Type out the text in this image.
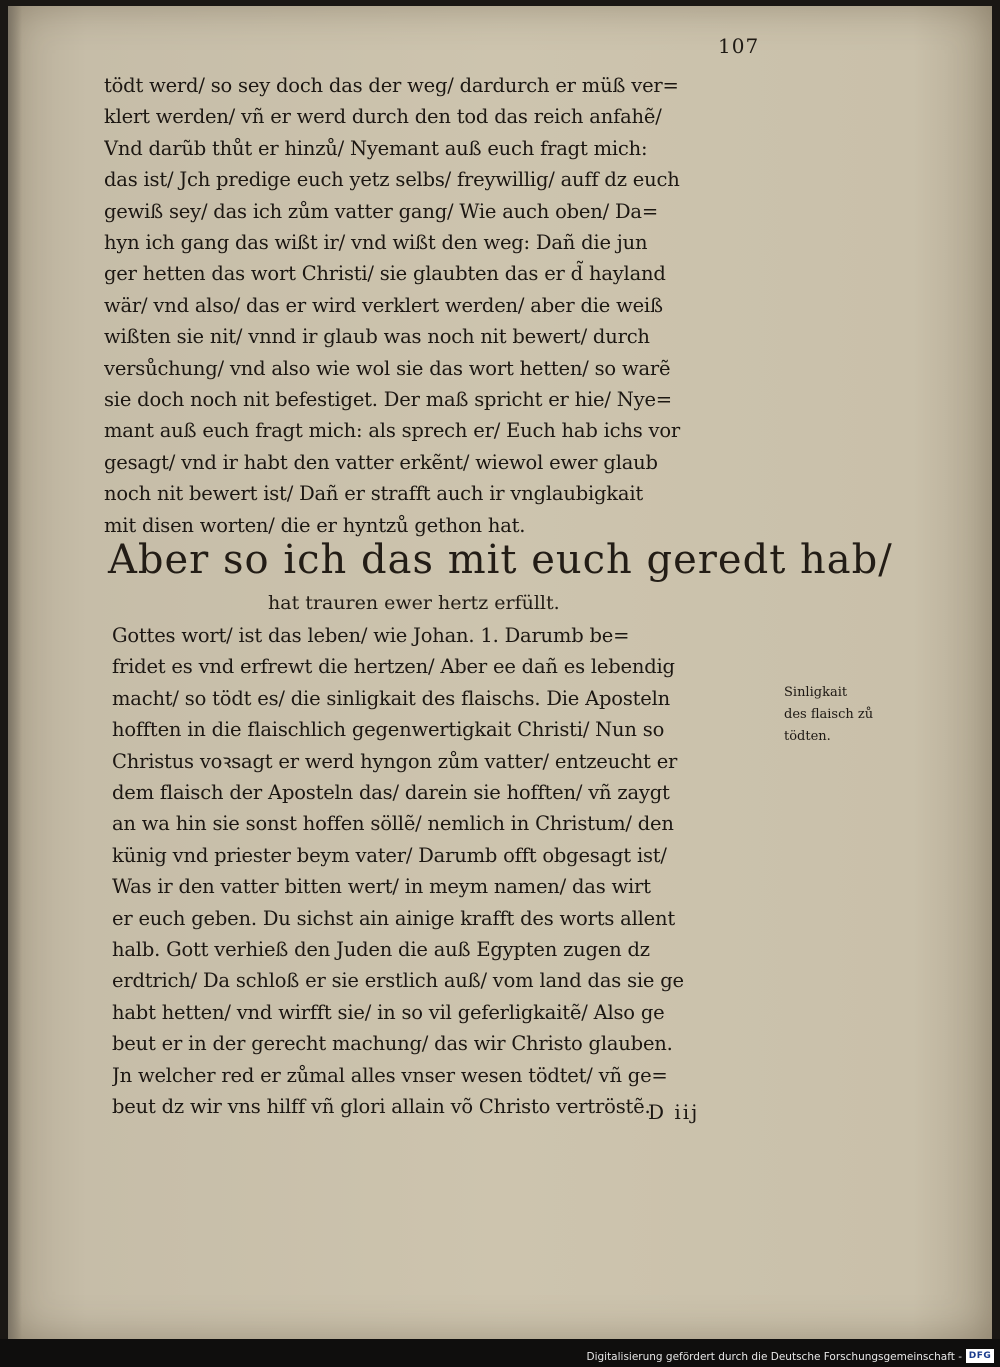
107
tödt werd/ so sey doch das der weg/ dardurch er müß ver=
klert werden/ vñ er werd durch den tod das reich anfahẽ/
Vnd darũb thůt er hinzů/ Nyemant auß euch fragt mich:
das ist/ Jch predige euch yetz selbs/ freywillig/ auff dz euch
gewiß sey/ das ich zům vatter gang/ Wie auch oben/ Da=
hyn ich gang das wißt ir/ vnd wißt den weg: Dañ die jun
ger hetten das wort Christi/ sie glaubten das er d̃ hayland
wär/ vnd also/ das er wird verklert werden/ aber die weiß
wißten sie nit/ vnnd ir glaub was noch nit bewert/ durch
versůchung/ vnd also wie wol sie das wort hetten/ so warẽ
sie doch noch nit befestiget. Der maß spricht er hie/ Nye=
mant auß euch fragt mich: als sprech er/ Euch hab ichs vor
gesagt/ vnd ir habt den vatter erkẽnt/ wiewol ewer glaub
noch nit bewert ist/ Dañ er strafft auch ir vnglaubigkait
mit disen worten/ die er hyntzů gethon hat.
Aber so ich das mit euch geredt hab/
hat trauren ewer hertz erfüllt.
Gottes wort/ ist das leben/ wie Johan. 1. Darumb be=
fridet es vnd erfrewt die hertzen/ Aber ee dañ es lebendig
macht/ so tödt es/ die sinligkait des flaischs. Die Aposteln
hofften in die flaischlich gegenwertigkait Christi/ Nun so
Christus voꝛsagt er werd hyngon zům vatter/ entzeucht er
dem flaisch der Aposteln das/ darein sie hofften/ vñ zaygt
an wa hin sie sonst hoffen söllẽ/ nemlich in Christum/ den
künig vnd priester beym vater/ Darumb offt obgesagt ist/
Was ir den vatter bitten wert/ in meym namen/ das wirt
er euch geben. Du sichst ain ainige krafft des worts allent
halb. Gott verhieß den Juden die auß Egypten zugen dz
erdtrich/ Da schloß er sie erstlich auß/ vom land das sie ge
habt hetten/ vnd wirfft sie/ in so vil geferligkaitẽ/ Also ge
beut er in der gerecht machung/ das wir Christo glauben.
Jn welcher red er zůmal alles vnser wesen tödtet/ vñ ge=
beut dz wir vns hilff vñ glori allain võ Christo vertröstẽ.
Sinligkait
des flaisch zů
tödten.
D iij
Digitalisierung gefördert durch die Deutsche Forschungsgemeinschaft - DFG
